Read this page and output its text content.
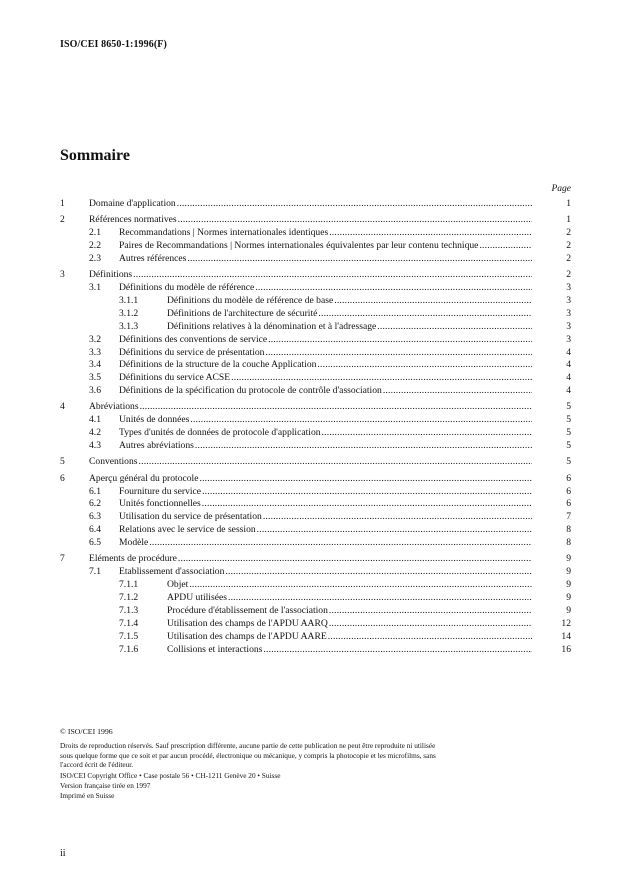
ISO/CEI 8650-1:1996(F)
Sommaire
Page
1	Domaine d'application .....	1
2	Références normatives .....	1
2.1 Recommandations | Normes internationales identiques .....	2
2.2 Paires de Recommandations | Normes internationales équivalentes par leur contenu technique .....	2
2.3 Autres références .....	2
3	Définitions .....	2
3.1 Définitions du modèle de référence .....	3
3.1.1	Définitions du modèle de référence de base .....	3
3.1.2	Définitions de l'architecture de sécurité .....	3
3.1.3	Définitions relatives à la dénomination et à l'adressage .....	3
3.2 Définitions des conventions de service .....	3
3.3 Définitions du service de présentation .....	4
3.4 Définitions de la structure de la couche Application .....	4
3.5 Définitions du service ACSE .....	4
3.6 Définitions de la spécification du protocole de contrôle d'association .....	4
4	Abréviations .....	5
4.1 Unités de données .....	5
4.2 Types d'unités de données de protocole d'application .....	5
4.3 Autres abréviations .....	5
5	Conventions .....	5
6	Aperçu général du protocole .....	6
6.1 Fourniture du service .....	6
6.2 Unités fonctionnelles .....	6
6.3 Utilisation du service de présentation .....	7
6.4 Relations avec le service de session .....	8
6.5 Modèle .....	8
7	Eléments de procédure .....	9
7.1 Etablissement d'association .....	9
7.1.1	Objet .....	9
7.1.2	APDU utilisées .....	9
7.1.3	Procédure d'établissement de l'association .....	9
7.1.4	Utilisation des champs de l'APDU AARQ .....	12
7.1.5	Utilisation des champs de l'APDU AARE .....	14
7.1.6	Collisions et interactions .....	16

© ISO/CEI 1996

Droits de reproduction réservés. Sauf prescription différente, aucune partie de cette publication ne peut être reproduite ni utilisée sous quelque forme que ce soit et par aucun procédé, électronique ou mécanique, y compris la photocopie et les microfilms, sans l'accord écrit de l'éditeur.

ISO/CEI Copyright Office • Case postale 56 • CH-1211 Genève 20 • Suisse

Version française tirée en 1997

Imprimé en Suisse

ii
